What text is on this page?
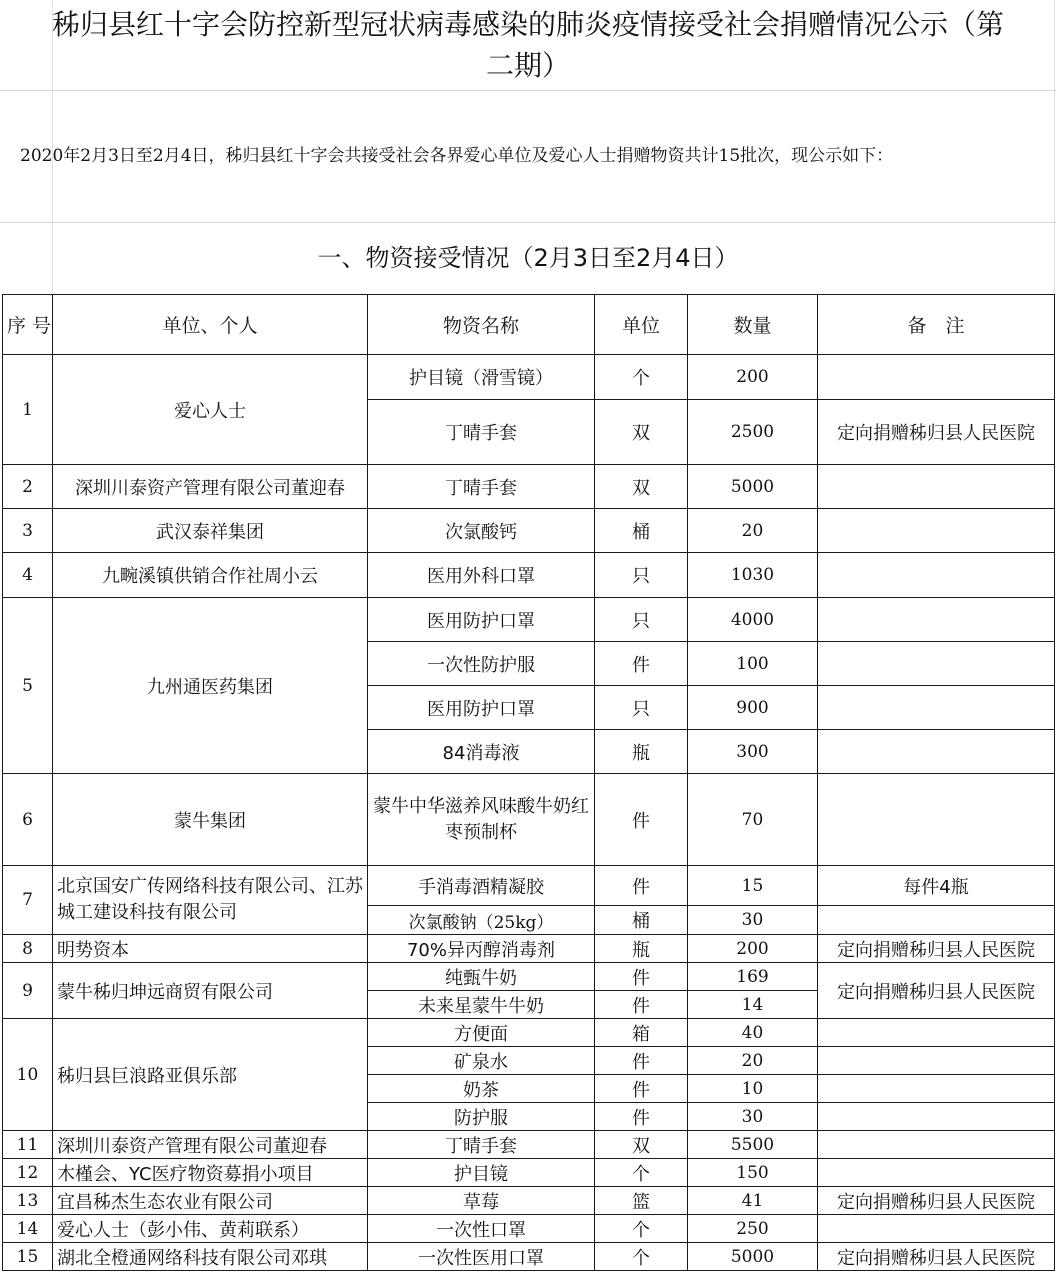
秭归县红十字会防控新型冠状病毒感染的肺炎疫情接受社会捐赠情况公示（第
二期）
2020年2月3日至2月4日，秭归县红十字会共接受社会各界爱心单位及爱心人士捐赠物资共计15批次，现公示如下：
一、物资接受情况（2月3日至2月4日）
序 号	单位、个人	物资名称	单位	数量	备　注
1	爱心人士	护目镜（滑雪镜）	个	200	
		丁晴手套	双	2500	定向捐赠秭归县人民医院
2	深圳川泰资产管理有限公司董迎春	丁晴手套	双	5000	
3	武汉泰祥集团	次氯酸钙	桶	20	
4	九畹溪镇供销合作社周小云	医用外科口罩	只	1030	
5	九州通医药集团	医用防护口罩	只	4000	
		一次性防护服	件	100	
		医用防护口罩	只	900	
		84消毒液	瓶	300	
6	蒙牛集团	蒙牛中华滋养风味酸牛奶红枣预制杯	件	70	
7	北京国安广传网络科技有限公司、江苏城工建设科技有限公司	手消毒酒精凝胶	件	15	每件4瓶
		次氯酸钠（25kg）	桶	30	
8	明势资本	70%异丙醇消毒剂	瓶	200	定向捐赠秭归县人民医院
9	蒙牛秭归坤远商贸有限公司	纯甄牛奶	件	169	定向捐赠秭归县人民医院
		未来星蒙牛牛奶	件	14	
10	秭归县巨浪路亚俱乐部	方便面	箱	40	
		矿泉水	件	20	
		奶茶	件	10	
		防护服	件	30	
11	深圳川泰资产管理有限公司董迎春	丁晴手套	双	5500	
12	木槿会、YC医疗物资募捐小项目	护目镜	个	150	
13	宜昌秭杰生态农业有限公司	草莓	篮	41	定向捐赠秭归县人民医院
14	爱心人士（彭小伟、黄莉联系）	一次性口罩	个	250	
15	湖北全橙通网络科技有限公司邓琪	一次性医用口罩	个	5000	定向捐赠秭归县人民医院
